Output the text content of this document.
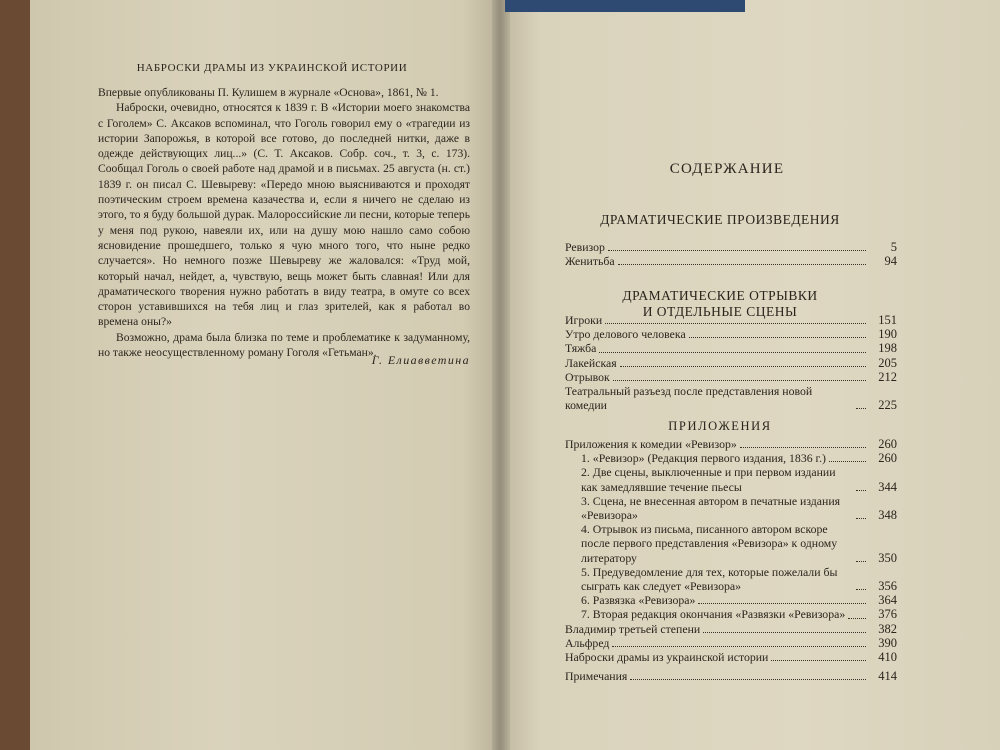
НАБРОСКИ ДРАМЫ ИЗ УКРАИНСКОЙ ИСТОРИИ

Впервые опубликованы П. Кулишем в журнале «Основа», 1861, № 1.

Наброски, очевидно, относятся к 1839 г. В «Истории моего знакомства с Гоголем» С. Аксаков вспоминал, что Гоголь говорил ему о «трагедии из истории Запорожья, в которой все готово, до последней нитки, даже в одежде действующих лиц...» (С. Т. Аксаков. Собр. соч., т. 3, с. 173). Сообщал Гоголь о своей работе над драмой и в письмах. 25 августа (н. ст.) 1839 г. он писал С. Шевыреву: «Передо мною выясниваются и проходят поэтическим строем времена казачества и, если я ничего не сделаю из этого, то я буду большой дурак. Малороссийские ли песни, которые теперь у меня под рукою, навеяли их, или на душу мою нашло само собою ясновидение прошедшего, только я чую много того, что ныне редко случается». Но немного позже Шевыреву же жаловался: «Труд мой, который начал, нейдет, а, чувствую, вещь может быть славная! Или для драматического творения нужно работать в виду театра, в омуте со всех сторон уставившихся на тебя лиц и глаз зрителей, как я работал во времена оны?»

Возможно, драма была близка по теме и проблематике к задуманному, но также неосуществленному роману Гоголя «Гетьман».

Г. Елиавветина
СОДЕРЖАНИЕ
ДРАМАТИЧЕСКИЕ ПРОИЗВЕДЕНИЯ
Ревизор	5
Женитьба	94
ДРАМАТИЧЕСКИЕ ОТРЫВКИ
И ОТДЕЛЬНЫЕ СЦЕНЫ
Игроки	151
Утро делового человека	190
Тяжба	198
Лакейская	205
Отрывок	212
Театральный разъезд после представления новой комедии	225
ПРИЛОЖЕНИЯ
Приложения к комедии «Ревизор»	260
1. «Ревизор» (Редакция первого издания, 1836 г.)	260
2. Две сцены, выключенные и при первом издании как замедлявшие течение пьесы	344
3. Сцена, не внесенная автором в печатные издания «Ревизора»	348
4. Отрывок из письма, писанного автором вскоре после первого представления «Ревизора» к одному литератору	350
5. Предуведомление для тех, которые пожелали бы сыграть как следует «Ревизора»	356
6. Развязка «Ревизора»	364
7. Вторая редакция окончания «Развязки «Ревизора»	376
Владимир третьей степени	382
Альфред	390
Наброски драмы из украинской истории	410
Примечания	414
